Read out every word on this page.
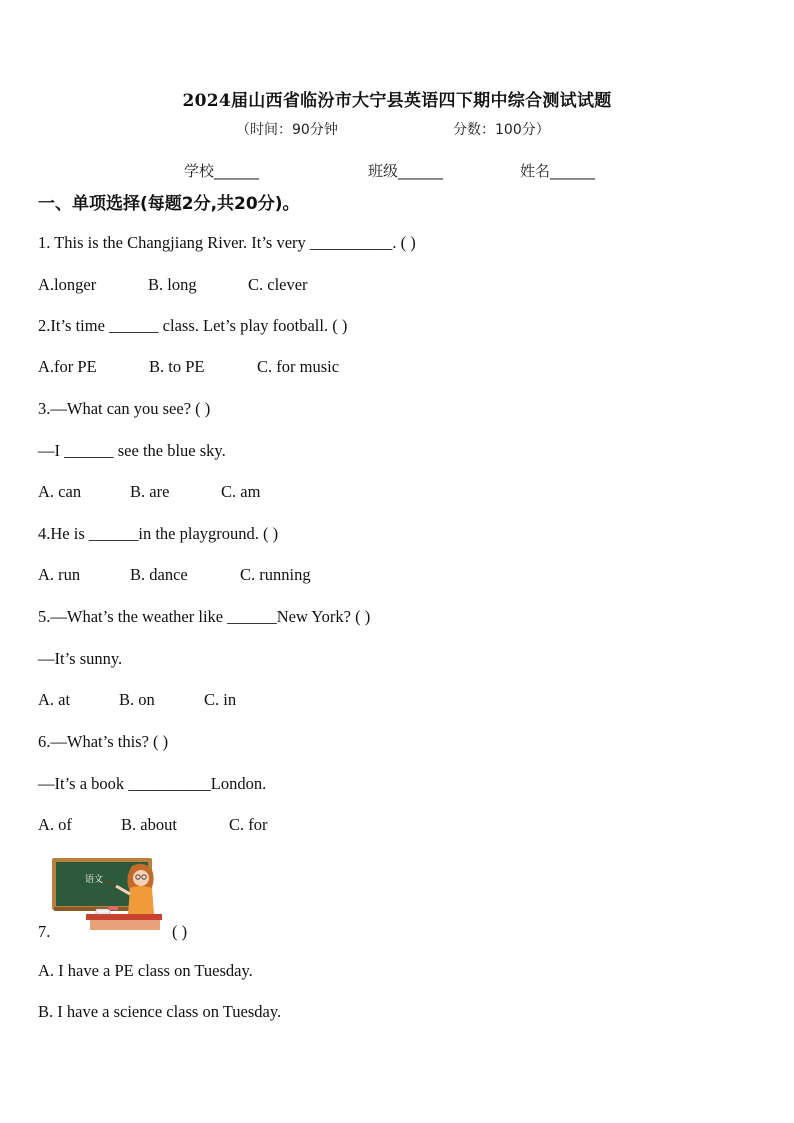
2024届山西省临汾市大宁县英语四下期中综合测试试题
（时间：90分钟	分数：100分）
学校______	班级______	姓名______
一、单项选择(每题2分,共20分)。
1. This is the Changjiang River. It’s very __________. ( )
A.longer	B. long	C. clever
2.It’s time ______ class. Let’s play football. ( )
A.for PE	B. to PE	C. for music
3.—What can you see? ( )
—I ______ see the blue sky.
A. can	B. are	C. am
4.He is ______in the playground. ( )
A. run	B. dance	C. running
5.—What’s the weather like ______New York? ( )
—It’s sunny.
A. at	B. on	C. in
6.—What’s this? ( )
—It’s a book __________London.
A. of	B. about	C. for
语文
7.	( )
A. I have a PE class on Tuesday.
B. I have a science class on Tuesday.
